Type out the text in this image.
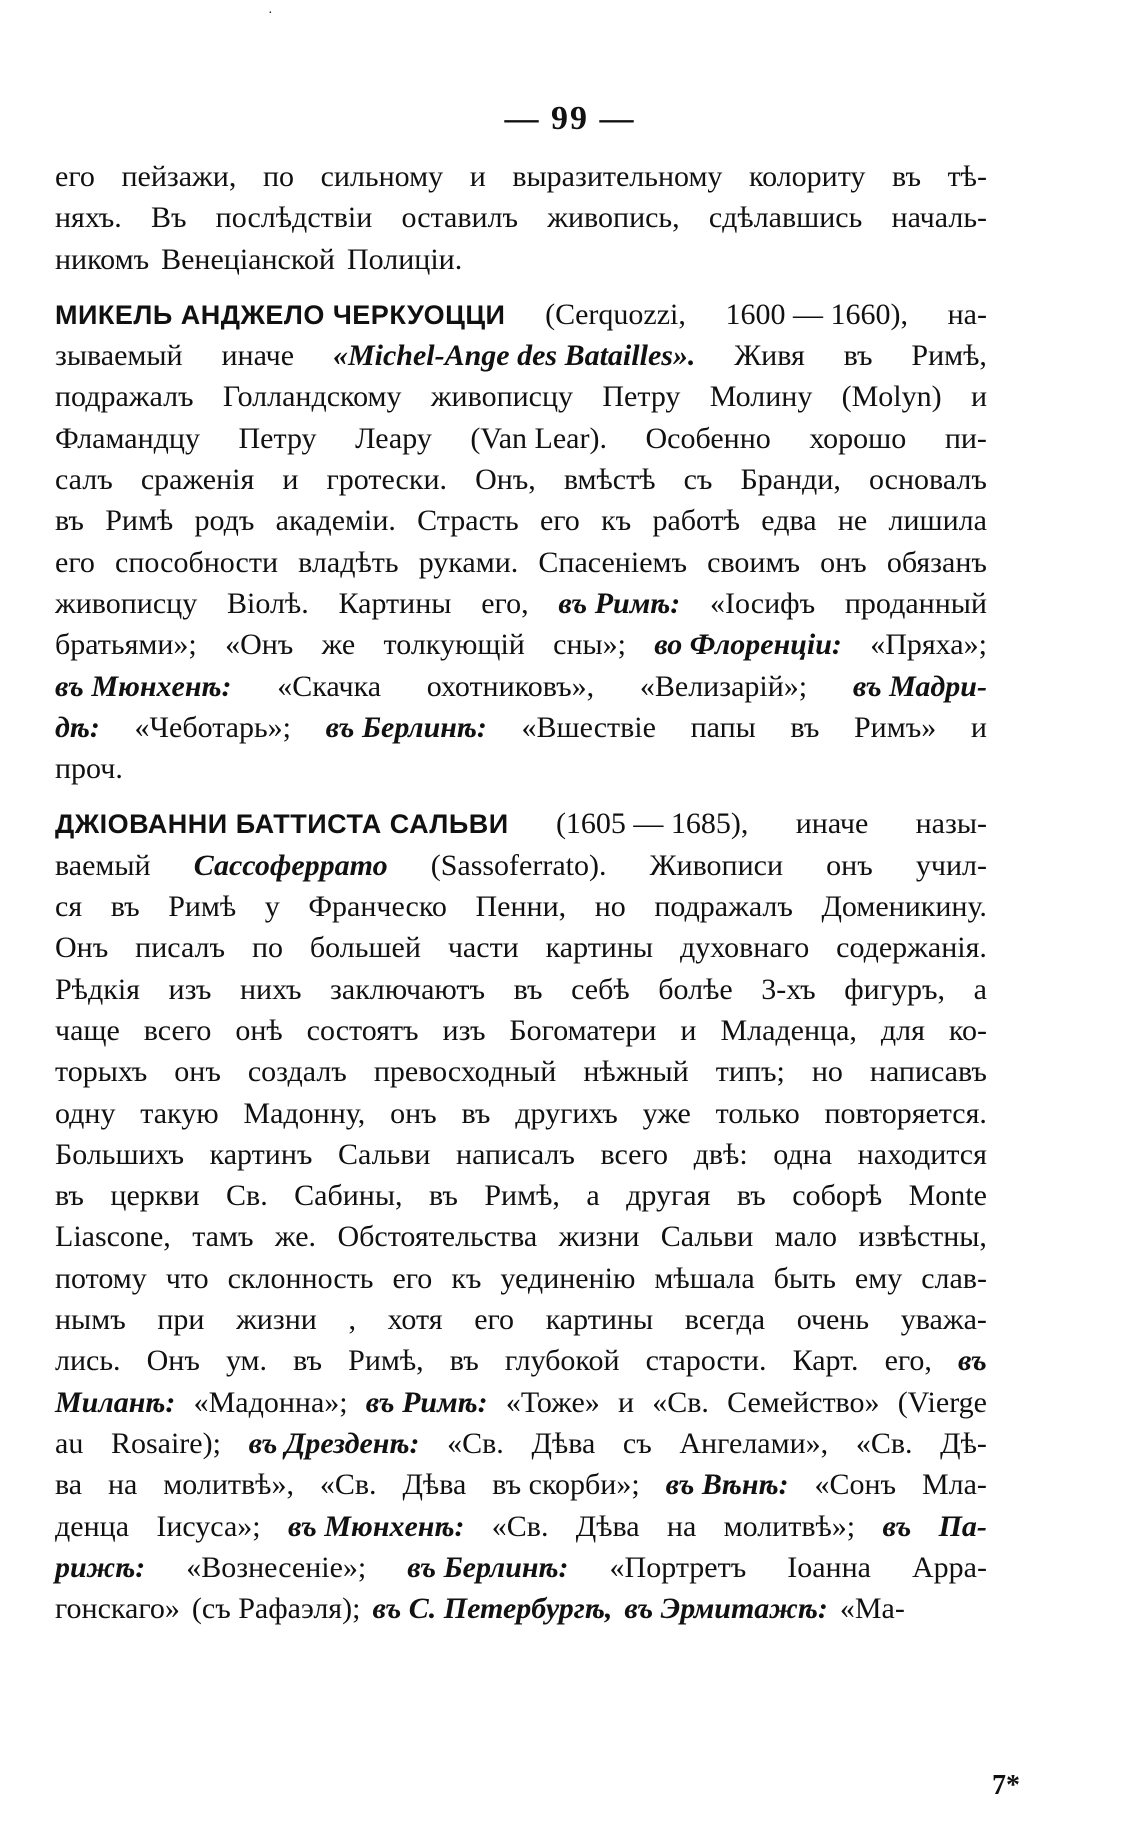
·
— 99 —
его пейзажи, по сильному и выразительному колориту въ тѣ-
няхъ. Въ послѣдствіи оставилъ живопись, сдѣлавшись началь-
никомъ Венеціанской Полиціи.
МИКЕЛЬ АНДЖЕЛО ЧЕРКУОЦЦИ (Cerquozzi, 1600 — 1660), на-
зываемый иначе «Michel-Ange des Batailles». Живя въ Римѣ,
подражалъ Голландскому живописцу Петру Молину (Molyn) и
Фламандцу Петру Леару (Van Lear). Особенно хорошо пи-
салъ сраженія и гротески. Онъ, вмѣстѣ съ Бранди, основалъ
въ Римѣ родъ академіи. Страсть его къ работѣ едва не лишила
его способности владѣть руками. Спасеніемъ своимъ онъ обязанъ
живописцу Віолѣ. Картины его, въ Римѣ: «Іосифъ проданный
братьями»; «Онъ же толкующій сны»; во Флоренціи: «Пряха»;
въ Мюнхенѣ: «Скачка охотниковъ», «Велизарій»; въ Мадри-
дѣ: «Чеботарь»; въ Берлинѣ: «Вшествіе папы въ Римъ» и
проч.
ДЖІОВАННИ БАТТИСТА САЛЬВИ (1605 — 1685), иначе назы-
ваемый Сассоферрато (Sassoferrato). Живописи онъ учил-
ся въ Римѣ у Франческо Пенни, но подражалъ Доменикину.
Онъ писалъ по большей части картины духовнаго содержанія.
Рѣдкія изъ нихъ заключаютъ въ себѣ болѣе 3-хъ фигуръ, а
чаще всего онѣ состоятъ изъ Богоматери и Младенца, для ко-
торыхъ онъ создалъ превосходный нѣжный типъ; но написавъ
одну такую Мадонну, онъ въ другихъ уже только повторяется.
Большихъ картинъ Сальви написалъ всего двѣ: одна находится
въ церкви Св. Сабины, въ Римѣ, а другая въ соборѣ Monte
Liascone, тамъ же. Обстоятельства жизни Сальви мало извѣстны,
потому что склонность его къ уединенію мѣшала быть ему слав-
нымъ при жизни , хотя его картины всегда очень уважа-
лись. Онъ ум. въ Римѣ, въ глубокой старости. Карт. его, въ
Миланѣ: «Мадонна»; въ Римѣ: «Тоже» и «Св. Семейство» (Vierge
au Rosaire); въ Дрезденѣ: «Св. Дѣва съ Ангелами», «Св. Дѣ-
ва на молитвѣ», «Св. Дѣва въ скорби»; въ Вѣнѣ: «Сонъ Мла-
денца Іисуса»; въ Мюнхенѣ: «Св. Дѣва на молитвѣ»; въ Па-
рижѣ: «Вознесеніе»; въ Берлинѣ: «Портретъ Іоанна Арра-
гонскаго» (съ Рафаэля); въ С. Петербургѣ, въ Эрмитажѣ: «Ма-
7*
